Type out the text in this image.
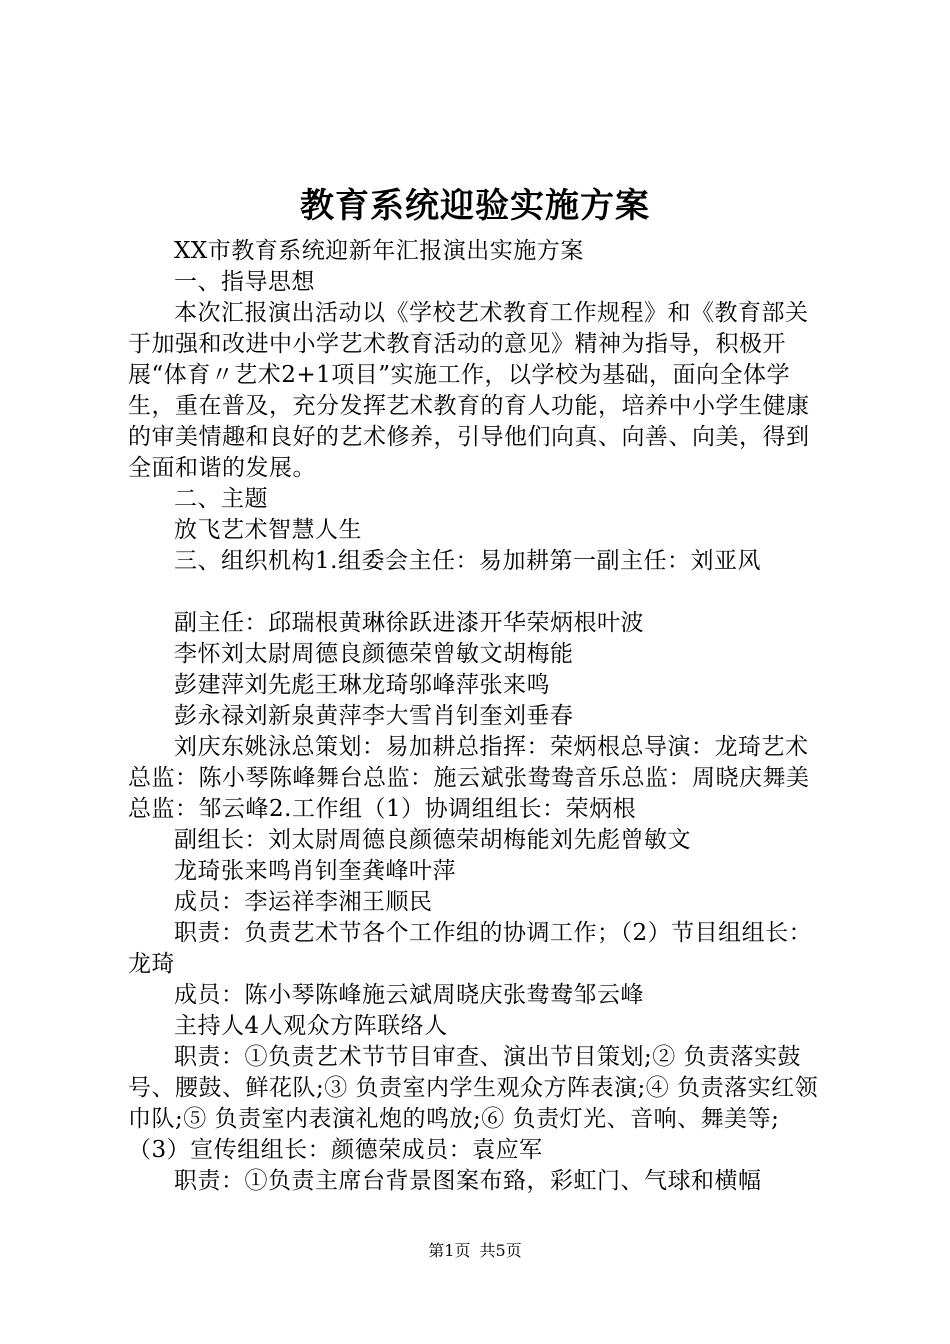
教育系统迎验实施方案

XX市教育系统迎新年汇报演出实施方案

一、指导思想

本次汇报演出活动以《学校艺术教育工作规程》和《教育部关于加强和改进中小学艺术教育活动的意见》精神为指导，积极开展“体育〃艺术2+1项目”实施工作，以学校为基础，面向全体学生，重在普及，充分发挥艺术教育的育人功能，培养中小学生健康的审美情趣和良好的艺术修养，引导他们向真、向善、向美，得到全面和谐的发展。

二、主题

放飞艺术智慧人生

三、组织机构1.组委会主任：易加耕第一副主任：刘亚风

副主任：邱瑞根黄琳徐跃进漆开华荣炳根叶波

李怀刘太尉周德良颜德荣曾敏文胡梅能

彭建萍刘先彪王琳龙琦邬峰萍张来鸣

彭永禄刘新泉黄萍李大雪肖钊奎刘垂春

刘庆东姚泳总策划：易加耕总指挥：荣炳根总导演：龙琦艺术总监：陈小琴陈峰舞台总监：施云斌张鸯鸯音乐总监：周晓庆舞美总监：邹云峰2.工作组（1）协调组组长：荣炳根

副组长：刘太尉周德良颜德荣胡梅能刘先彪曾敏文

龙琦张来鸣肖钊奎龚峰叶萍

成员：李运祥李湘王顺民

职责：负责艺术节各个工作组的协调工作；（2）节目组组长：龙琦

成员：陈小琴陈峰施云斌周晓庆张鸯鸯邹云峰

主持人4人观众方阵联络人

职责：①负责艺术节节目审查、演出节目策划;② 负责落实鼓号、腰鼓、鲜花队;③ 负责室内学生观众方阵表演;④ 负责落实红领巾队;⑤ 负责室内表演礼炮的鸣放;⑥ 负责灯光、音响、舞美等;（3）宣传组组长：颜德荣成员：袁应军

职责：①负责主席台背景图案布臵，彩虹门、气球和横幅

第1页 共5页
